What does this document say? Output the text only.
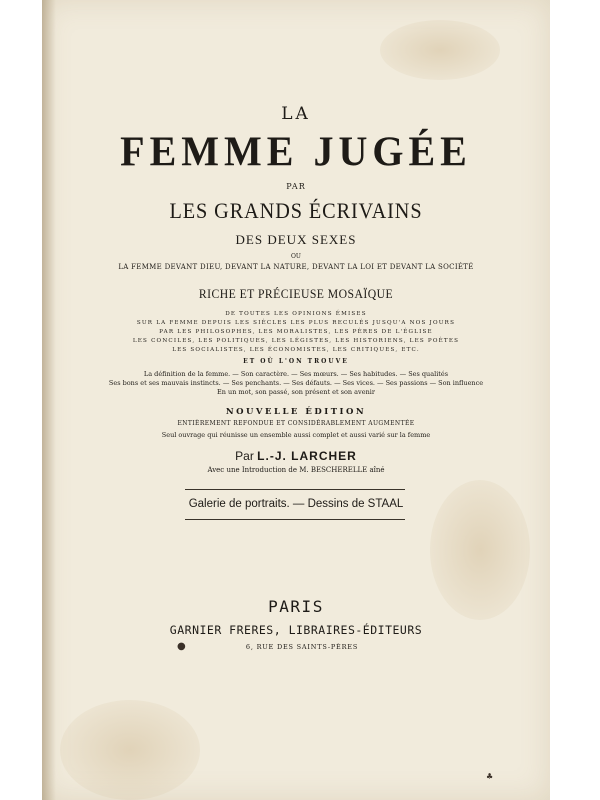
LA

FEMME JUGÉE

PAR

LES GRANDS ÉCRIVAINS

DES DEUX SEXES

OU

LA FEMME DEVANT DIEU, DEVANT LA NATURE, DEVANT LA LOI ET DEVANT LA SOCIÉTÉ

RICHE ET PRÉCIEUSE MOSAÏQUE

DE TOUTES LES OPINIONS ÉMISES

SUR LA FEMME DEPUIS LES SIÈCLES LES PLUS RECULÉS JUSQU'A NOS JOURS

PAR LES PHILOSOPHES, LES MORALISTES, LES PÈRES DE L'ÉGLISE

LES CONCILES, LES POLITIQUES, LES LÉGISTES, LES HISTORIENS, LES POÈTES

LES SOCIALISTES, LES ÉCONOMISTES, LES CRITIQUES, ETC.

ET OÙ L'ON TROUVE

La définition de la femme. — Son caractère. — Ses mœurs. — Ses habitudes. — Ses qualités

Ses bons et ses mauvais instincts. — Ses penchants. — Ses défauts. — Ses vices. — Ses passions — Son influence

En un mot, son passé, son présent et son avenir

NOUVELLE ÉDITION

ENTIÈREMENT REFONDUE ET CONSIDÉRABLEMENT AUGMENTÉE

Seul ouvrage qui réunisse un ensemble aussi complet et aussi varié sur la femme

Par L.-J. LARCHER

Avec une Introduction de M. BESCHERELLE aîné

Galerie de portraits. — Dessins de STAAL

PARIS

GARNIER FRERES, LIBRAIRES-ÉDITEURS

6, RUE DES SAINTS-PÈRES

●
♣
